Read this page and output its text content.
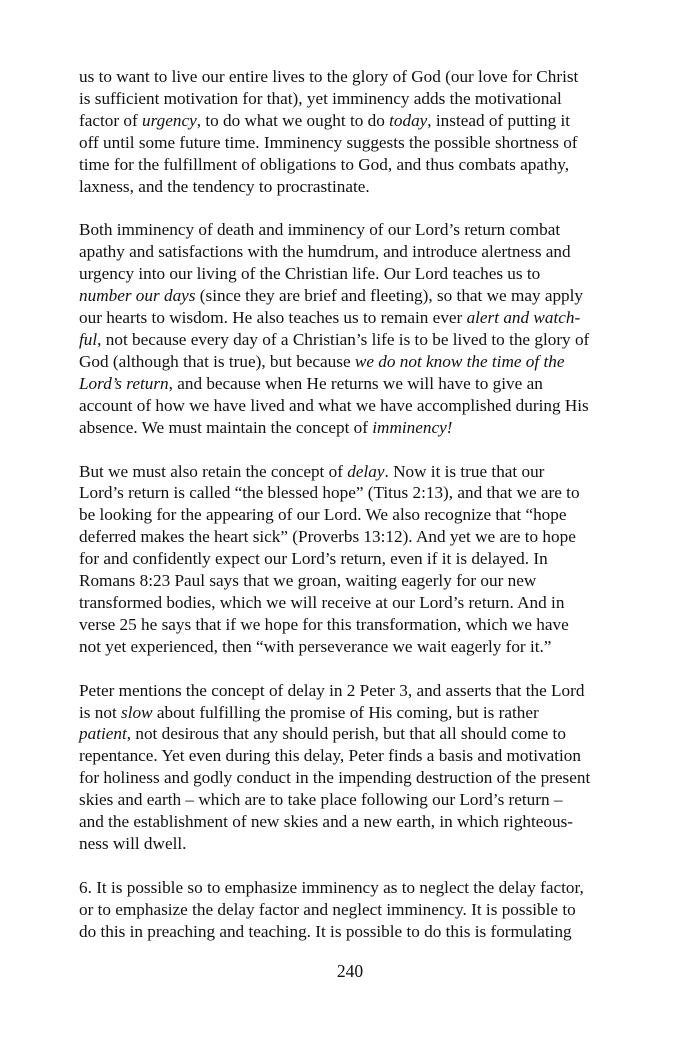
us to want to live our entire lives to the glory of God (our love for Christ
is sufficient motivation for that), yet imminency adds the motivational
factor of urgency, to do what we ought to do today, instead of putting it
off until some future time. Imminency suggests the possible shortness of
time for the fulfillment of obligations to God, and thus combats apathy,
laxness, and the tendency to procrastinate.

Both imminency of death and imminency of our Lord’s return combat
apathy and satisfactions with the humdrum, and introduce alertness and
urgency into our living of the Christian life. Our Lord teaches us to
number our days (since they are brief and fleeting), so that we may apply
our hearts to wisdom. He also teaches us to remain ever alert and watch-
ful, not because every day of a Christian’s life is to be lived to the glory of
God (although that is true), but because we do not know the time of the
Lord’s return, and because when He returns we will have to give an
account of how we have lived and what we have accomplished during His
absence. We must maintain the concept of imminency!

But we must also retain the concept of delay. Now it is true that our
Lord’s return is called “the blessed hope” (Titus 2:13), and that we are to
be looking for the appearing of our Lord. We also recognize that “hope
deferred makes the heart sick” (Proverbs 13:12). And yet we are to hope
for and confidently expect our Lord’s return, even if it is delayed. In
Romans 8:23 Paul says that we groan, waiting eagerly for our new
transformed bodies, which we will receive at our Lord’s return. And in
verse 25 he says that if we hope for this transformation, which we have
not yet experienced, then “with perseverance we wait eagerly for it.”

Peter mentions the concept of delay in 2 Peter 3, and asserts that the Lord
is not slow about fulfilling the promise of His coming, but is rather
patient, not desirous that any should perish, but that all should come to
repentance. Yet even during this delay, Peter finds a basis and motivation
for holiness and godly conduct in the impending destruction of the present
skies and earth – which are to take place following our Lord’s return –
and the establishment of new skies and a new earth, in which righteous-
ness will dwell.

6. It is possible so to emphasize imminency as to neglect the delay factor,
or to emphasize the delay factor and neglect imminency. It is possible to
do this in preaching and teaching. It is possible to do this is formulating

240
